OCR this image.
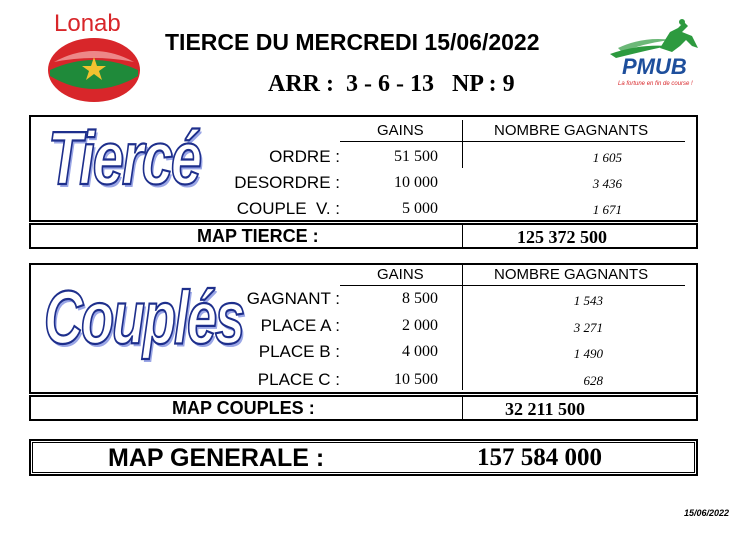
Lonab
TIERCE DU MERCREDI 15/06/2022
ARR :  3 - 6 - 13   NP : 9
PMUB
La fortune en fin de course !
Tiercé	GAINS	NOMBRE GAGNANTS
ORDRE :	51 500	1 605
DESORDRE :	10 000	3 436
COUPLE  V. :	5 000	1 671
MAP TIERCE :	125 372 500
Couplés
GAINS	NOMBRE GAGNANTS
GAGNANT :	8 500	1 543
PLACE A :	2 000	3 271
PLACE B :	4 000	1 490
PLACE C :	10 500	628
MAP COUPLES :	32 211 500
MAP GENERALE :	157 584 000
15/06/2022
